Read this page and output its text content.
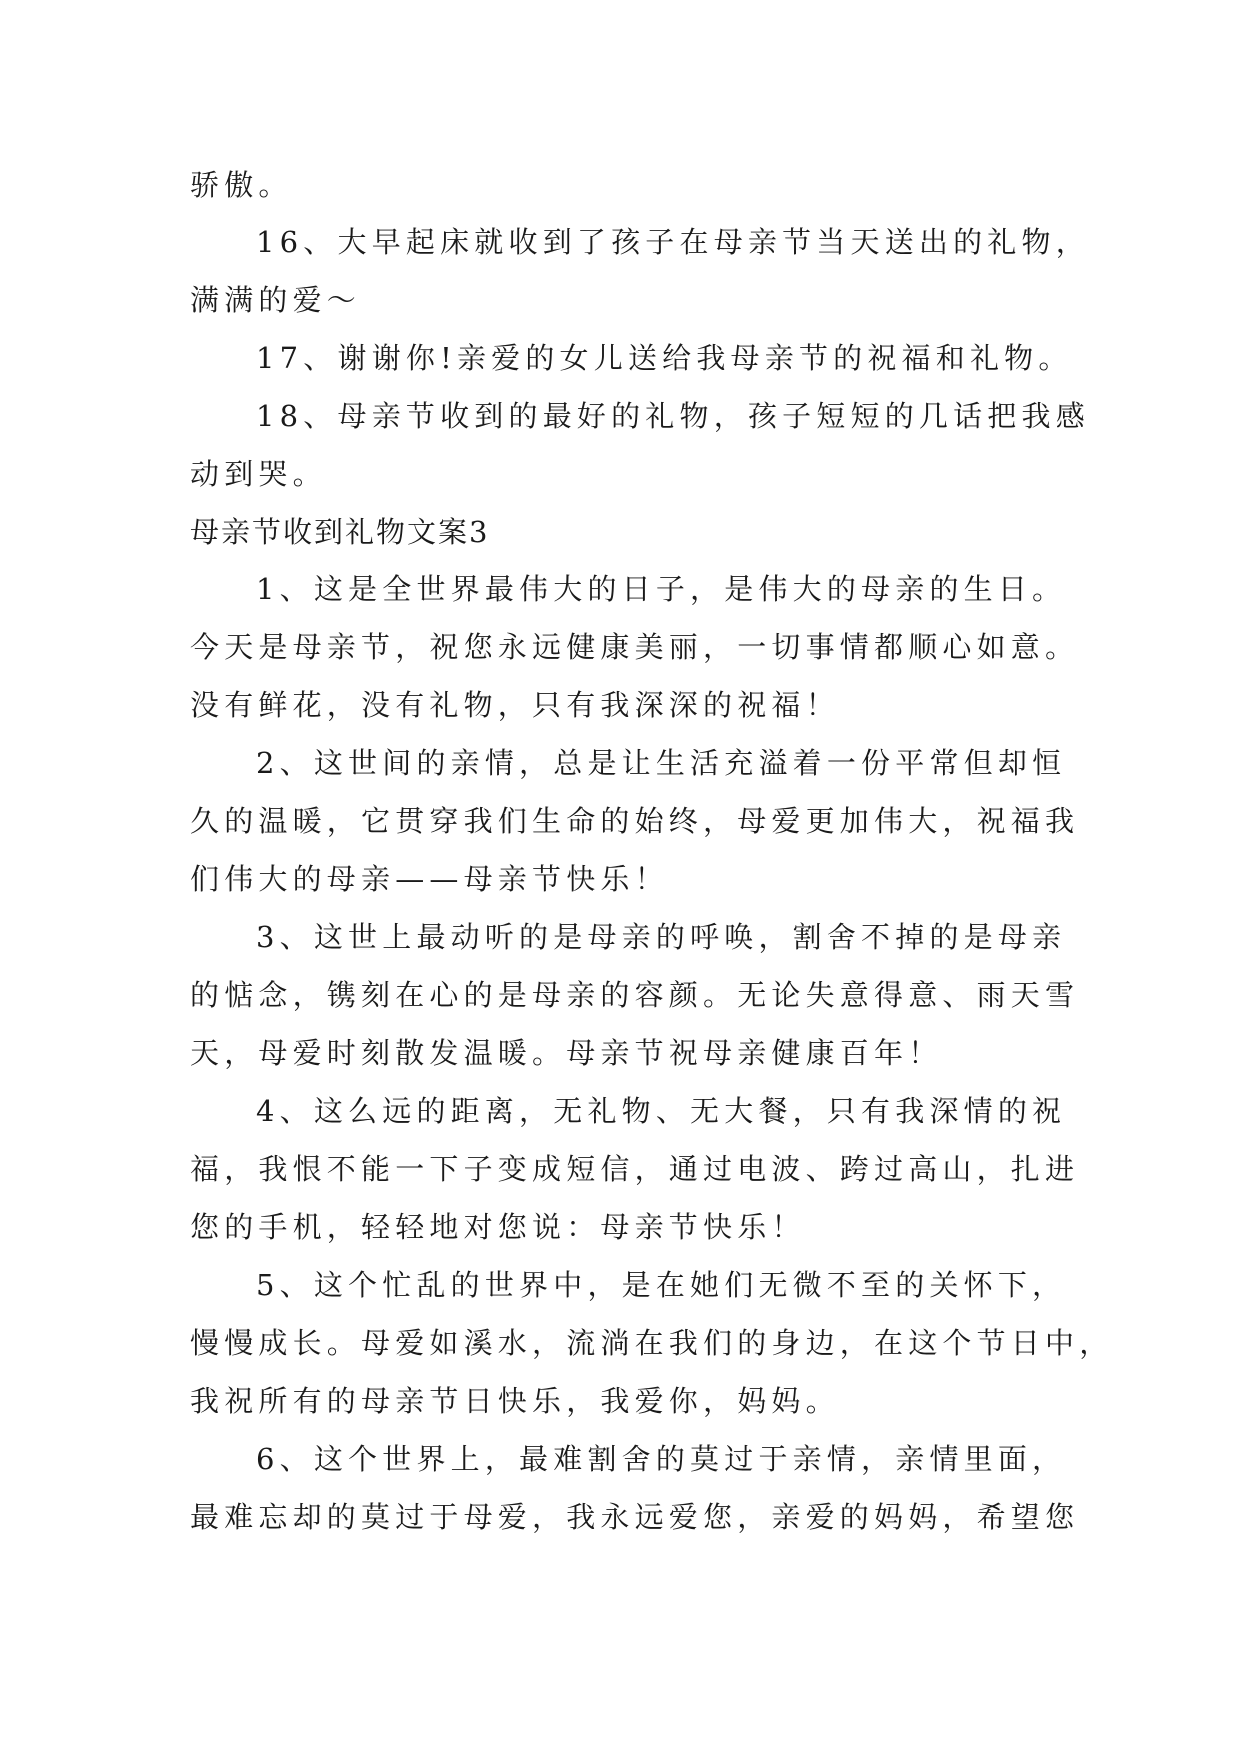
骄傲。
16、大早起床就收到了孩子在母亲节当天送出的礼物，
满满的爱～
17、谢谢你!亲爱的女儿送给我母亲节的祝福和礼物。
18、母亲节收到的最好的礼物，孩子短短的几话把我感
动到哭。
母亲节收到礼物文案3
1、这是全世界最伟大的日子，是伟大的母亲的生日。
今天是母亲节，祝您永远健康美丽，一切事情都顺心如意。
没有鲜花，没有礼物，只有我深深的祝福！
2、这世间的亲情，总是让生活充溢着一份平常但却恒
久的温暖，它贯穿我们生命的始终，母爱更加伟大，祝福我
们伟大的母亲——母亲节快乐！
3、这世上最动听的是母亲的呼唤，割舍不掉的是母亲
的惦念，镌刻在心的是母亲的容颜。无论失意得意、雨天雪
天，母爱时刻散发温暖。母亲节祝母亲健康百年！
4、这么远的距离，无礼物、无大餐，只有我深情的祝
福，我恨不能一下子变成短信，通过电波、跨过高山，扎进
您的手机，轻轻地对您说：母亲节快乐！
5、这个忙乱的世界中，是在她们无微不至的关怀下，
慢慢成长。母爱如溪水，流淌在我们的身边，在这个节日中，
我祝所有的母亲节日快乐，我爱你，妈妈。
6、这个世界上，最难割舍的莫过于亲情，亲情里面，
最难忘却的莫过于母爱，我永远爱您，亲爱的妈妈，希望您
